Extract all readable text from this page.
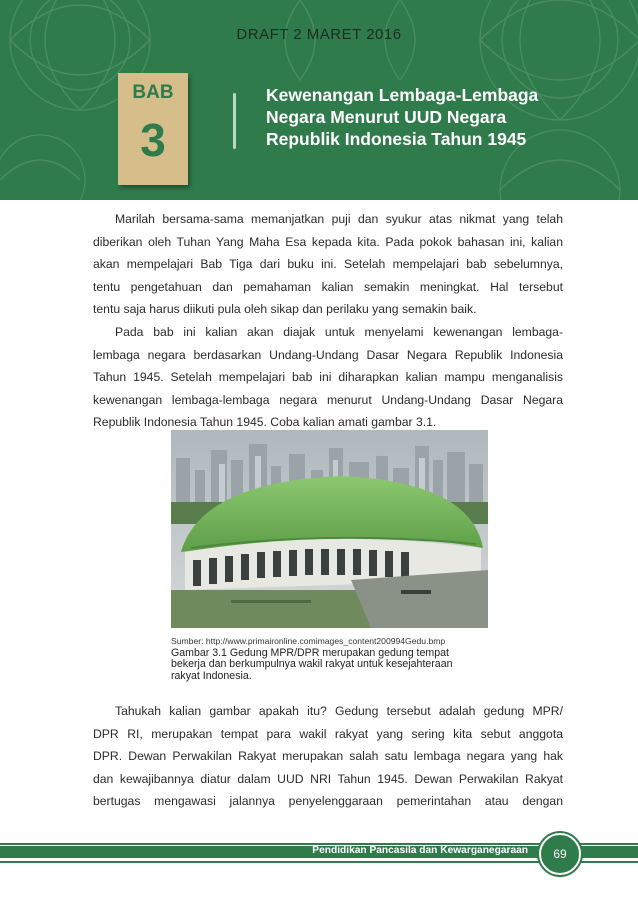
DRAFT 2 MARET 2016
BAB
3
Kewenangan Lembaga-Lembaga
Negara Menurut UUD Negara
Republik Indonesia Tahun 1945
Marilah bersama-sama memanjatkan puji dan syukur atas nikmat yang telah
diberikan oleh Tuhan Yang Maha Esa kepada kita. Pada pokok bahasan ini, kalian
akan mempelajari Bab Tiga dari buku ini. Setelah mempelajari bab sebelumnya,
tentu pengetahuan dan pemahaman kalian semakin meningkat. Hal tersebut
tentu saja harus diikuti pula oleh sikap dan perilaku yang semakin baik.
Pada bab ini kalian akan diajak untuk menyelami kewenangan lembaga-
lembaga negara berdasarkan Undang-Undang Dasar Negara Republik Indonesia
Tahun 1945. Setelah mempelajari bab ini diharapkan kalian mampu menganalisis
kewenangan lembaga-lembaga negara menurut Undang-Undang Dasar Negara
Republik Indonesia Tahun 1945. Coba kalian amati gambar 3.1.
Sumber: http://www.primaironline.comimages_content200994Gedu.bmp
Gambar 3.1 Gedung MPR/DPR merupakan gedung tempat
bekerja dan berkumpulnya wakil rakyat untuk kesejahteraan
rakyat Indonesia.
Tahukah kalian gambar apakah itu? Gedung tersebut adalah gedung MPR/
DPR RI, merupakan tempat para wakil rakyat yang sering kita sebut anggota
DPR. Dewan Perwakilan Rakyat merupakan salah satu lembaga negara yang hak
dan kewajibannya diatur dalam UUD NRI Tahun 1945. Dewan Perwakilan Rakyat
bertugas mengawasi jalannya penyelenggaraan pemerintahan atau dengan
Pendidikan Pancasila dan Kewarganegaraan	69
